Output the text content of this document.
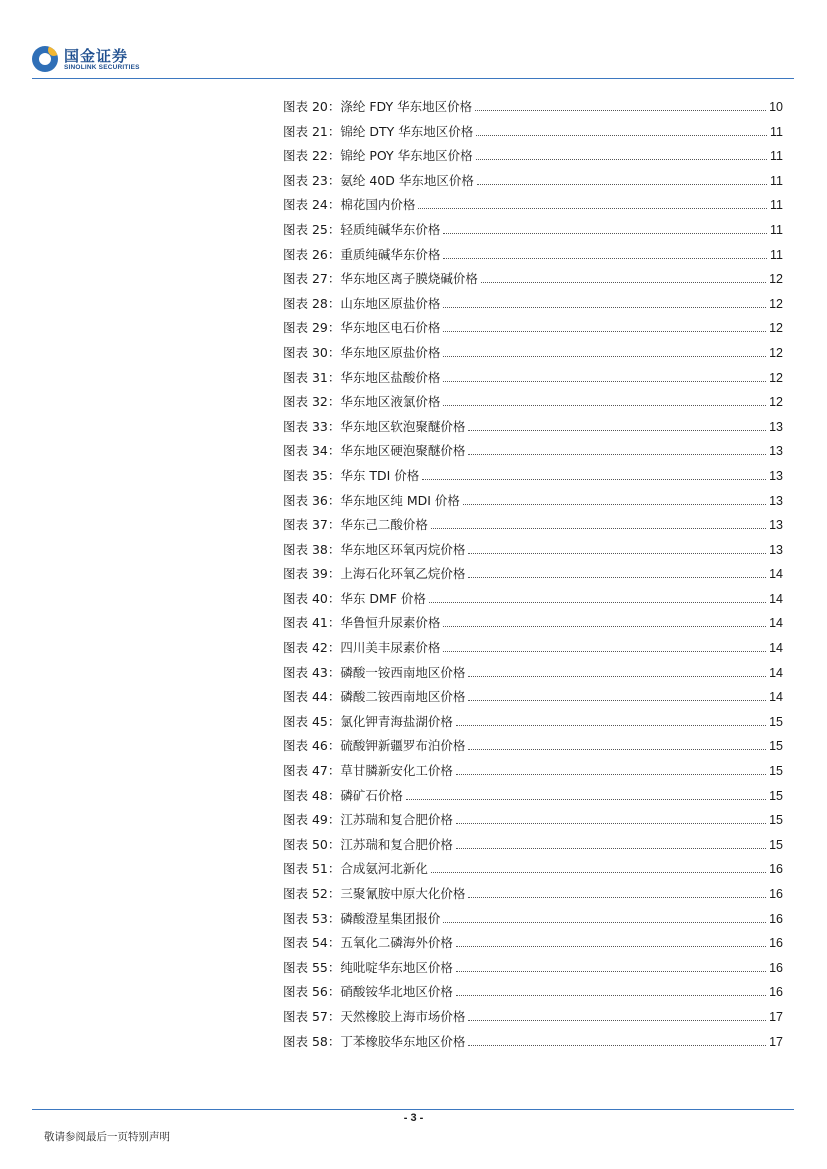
国金证券
SINOLINK SECURITIES
图表 20：涤纶 FDY 华东地区价格	10
图表 21：锦纶 DTY 华东地区价格	11
图表 22：锦纶 POY 华东地区价格	11
图表 23：氨纶 40D 华东地区价格	11
图表 24：棉花国内价格	11
图表 25：轻质纯碱华东价格	11
图表 26：重质纯碱华东价格	11
图表 27：华东地区离子膜烧碱价格	12
图表 28：山东地区原盐价格	12
图表 29：华东地区电石价格	12
图表 30：华东地区原盐价格	12
图表 31：华东地区盐酸价格	12
图表 32：华东地区液氯价格	12
图表 33：华东地区软泡聚醚价格	13
图表 34：华东地区硬泡聚醚价格	13
图表 35：华东 TDI 价格	13
图表 36：华东地区纯 MDI 价格	13
图表 37：华东己二酸价格	13
图表 38：华东地区环氧丙烷价格	13
图表 39：上海石化环氧乙烷价格	14
图表 40：华东 DMF 价格	14
图表 41：华鲁恒升尿素价格	14
图表 42：四川美丰尿素价格	14
图表 43：磷酸一铵西南地区价格	14
图表 44：磷酸二铵西南地区价格	14
图表 45：氯化钾青海盐湖价格	15
图表 46：硫酸钾新疆罗布泊价格	15
图表 47：草甘膦新安化工价格	15
图表 48：磷矿石价格	15
图表 49：江苏瑞和复合肥价格	15
图表 50：江苏瑞和复合肥价格	15
图表 51：合成氨河北新化	16
图表 52：三聚氰胺中原大化价格	16
图表 53：磷酸澄星集团报价	16
图表 54：五氧化二磷海外价格	16
图表 55：纯吡啶华东地区价格	16
图表 56：硝酸铵华北地区价格	16
图表 57：天然橡胶上海市场价格	17
图表 58：丁苯橡胶华东地区价格	17
- 3 -
敬请参阅最后一页特别声明
